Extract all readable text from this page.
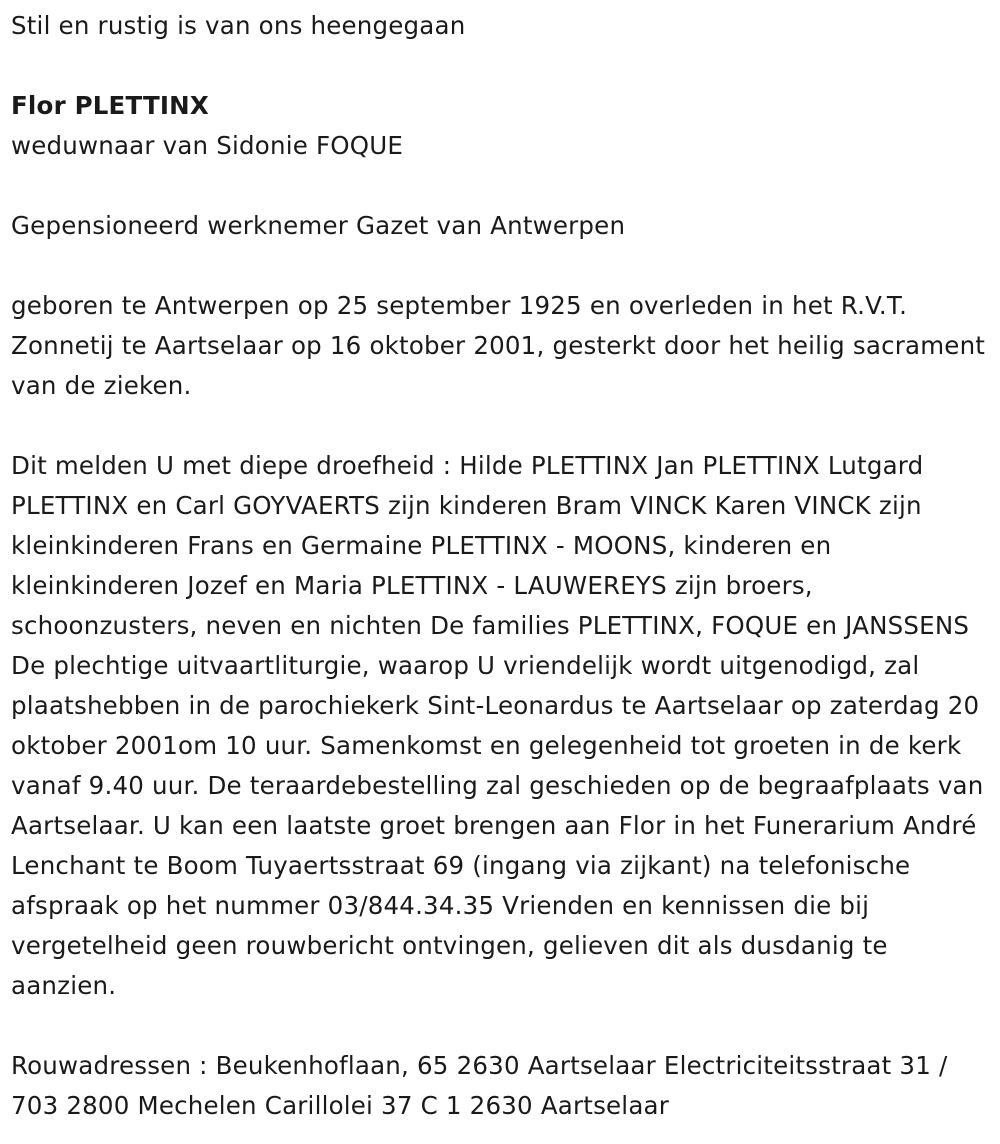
Stil en rustig is van ons heengegaan

Flor PLETTINX

weduwnaar van Sidonie FOQUE

Gepensioneerd werknemer Gazet van Antwerpen

geboren te Antwerpen op 25 september 1925 en overleden in het R.V.T. Zonnetij te Aartselaar op 16 oktober 2001, gesterkt door het heilig sacrament van de zieken.

Dit melden U met diepe droefheid : Hilde PLETTINX Jan PLETTINX Lutgard PLETTINX en Carl GOYVAERTS zijn kinderen Bram VINCK Karen VINCK zijn kleinkinderen Frans en Germaine PLETTINX - MOONS, kinderen en kleinkinderen Jozef en Maria PLETTINX - LAUWEREYS zijn broers, schoonzusters, neven en nichten De families PLETTINX, FOQUE en JANSSENS De plechtige uitvaartliturgie, waarop U vriendelijk wordt uitgenodigd, zal plaatshebben in de parochiekerk Sint-Leonardus te Aartselaar op zaterdag 20 oktober 2001om 10 uur. Samenkomst en gelegenheid tot groeten in de kerk vanaf 9.40 uur. De teraardebestelling zal geschieden op de begraafplaats van Aartselaar. U kan een laatste groet brengen aan Flor in het Funerarium André Lenchant te Boom Tuyaertsstraat 69 (ingang via zijkant) na telefonische afspraak op het nummer 03/844.34.35 Vrienden en kennissen die bij vergetelheid geen rouwbericht ontvingen, gelieven dit als dusdanig te aanzien.

Rouwadressen : Beukenhoflaan, 65 2630 Aartselaar Electriciteitsstraat 31 / 703 2800 Mechelen Carillolei 37 C 1 2630 Aartselaar
